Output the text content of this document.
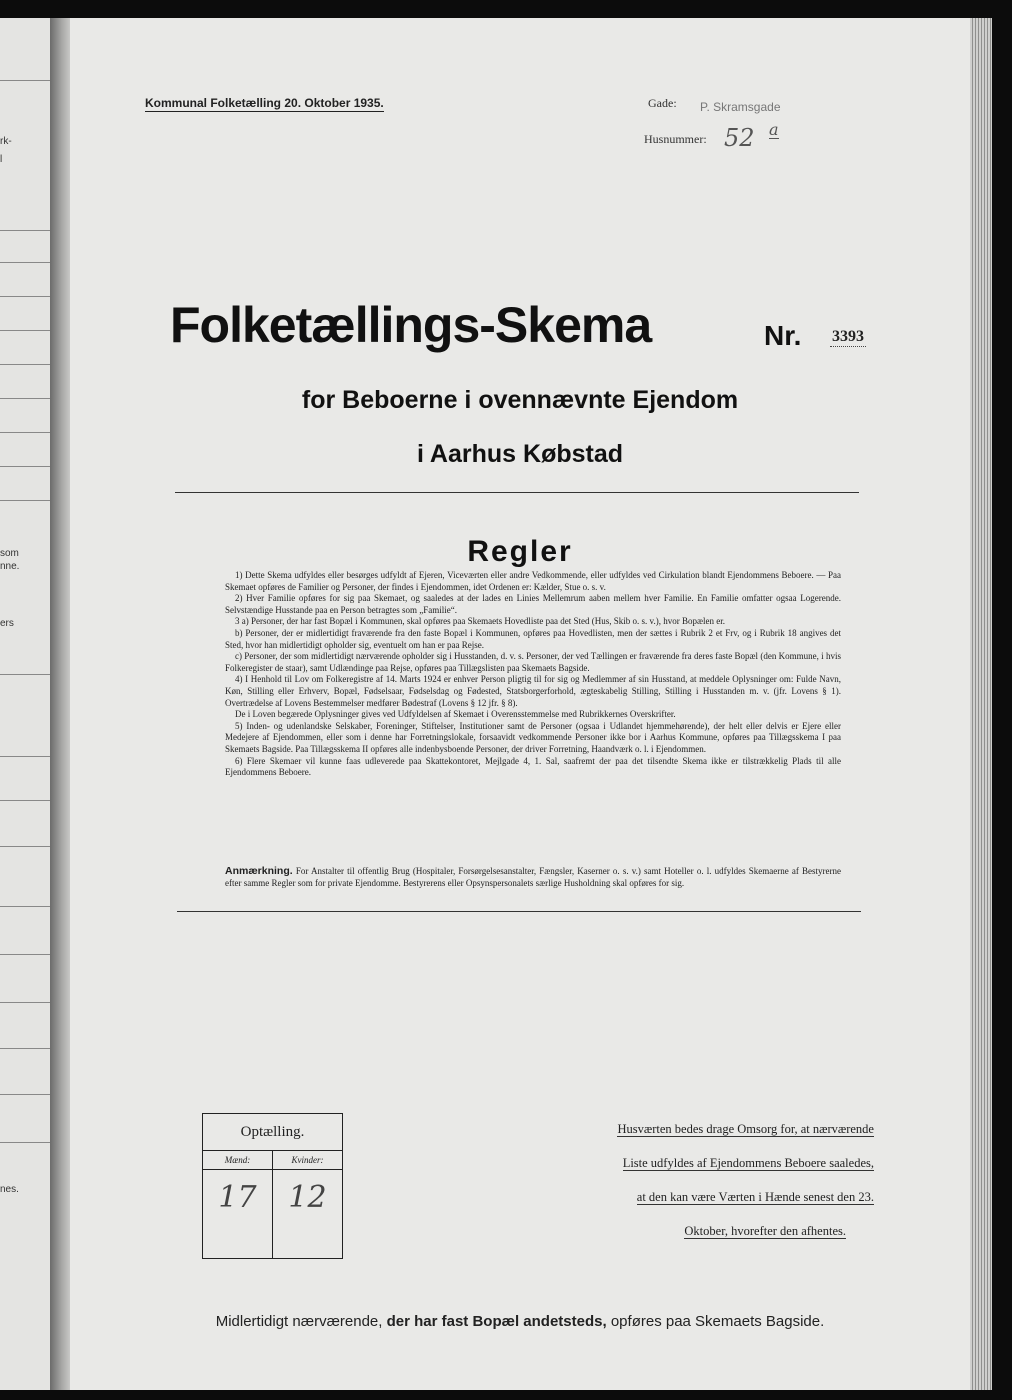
rk-
l
som
nne.
ers
nes.
Kommunal Folketælling 20. Oktober 1935.	Gade: P. Skramsgade
Husnummer: 52 a
Folketællings-Skema	Nr. 3393
for Beboerne i ovennævnte Ejendom
i Aarhus Købstad
Regler

1) Dette Skema udfyldes eller besørges udfyldt af Ejeren, Viceværten eller andre Vedkommende, eller udfyldes ved Cirkulation blandt Ejendommens Beboere. — Paa Skemaet opføres de Familier og Personer, der findes i Ejendommen, idet Ordenen er: Kælder, Stue o. s. v.

2) Hver Familie opføres for sig paa Skemaet, og saaledes at der lades en Linies Mellemrum aaben mellem hver Familie. En Familie omfatter ogsaa Logerende. Selvstændige Husstande paa en Person betragtes som „Familie“.

3 a) Personer, der har fast Bopæl i Kommunen, skal opføres paa Skemaets Hovedliste paa det Sted (Hus, Skib o. s. v.), hvor Bopælen er.

b) Personer, der er midlertidigt fraværende fra den faste Bopæl i Kommunen, opføres paa Hovedlisten, men der sættes i Rubrik 2 et Frv, og i Rubrik 18 angives det Sted, hvor han midlertidigt opholder sig, eventuelt om han er paa Rejse.

c) Personer, der som midlertidigt nærværende opholder sig i Husstanden, d. v. s. Personer, der ved Tællingen er fraværende fra deres faste Bopæl (den Kommune, i hvis Folkeregister de staar), samt Udlændinge paa Rejse, opføres paa Tillægslisten paa Skemaets Bagside.

4) I Henhold til Lov om Folkeregistre af 14. Marts 1924 er enhver Person pligtig til for sig og Medlemmer af sin Husstand, at meddele Oplysninger om: Fulde Navn, Køn, Stilling eller Erhverv, Bopæl, Fødselsaar, Fødselsdag og Fødested, Statsborgerforhold, ægteskabelig Stilling, Stilling i Husstanden m. v. (jfr. Lovens § 1). Overtrædelse af Lovens Bestemmelser medfører Bødestraf (Lovens § 12 jfr. § 8).

De i Loven begærede Oplysninger gives ved Udfyldelsen af Skemaet i Overensstemmelse med Rubrikkernes Overskrifter.

5) Inden- og udenlandske Selskaber, Foreninger, Stiftelser, Institutioner samt de Personer (ogsaa i Udlandet hjemmehørende), der helt eller delvis er Ejere eller Medejere af Ejendommen, eller som i denne har Forretningslokale, forsaavidt vedkommende Personer ikke bor i Aarhus Kommune, opføres paa Tillægsskema I paa Skemaets Bagside. Paa Tillægsskema II opføres alle indenbysboende Personer, der driver Forretning, Haandværk o. l. i Ejendommen.

6) Flere Skemaer vil kunne faas udleverede paa Skattekontoret, Mejlgade 4, 1. Sal, saafremt der paa det tilsendte Skema ikke er tilstrækkelig Plads til alle Ejendommens Beboere.

Anmærkning. For Anstalter til offentlig Brug (Hospitaler, Forsørgelsesanstalter, Fængsler, Kaserner o. s. v.) samt Hoteller o. l. udfyldes Skemaerne af Bestyrerne efter samme Regler som for private Ejendomme. Bestyrerens eller Opsynspersonalets særlige Husholdning skal opføres for sig.
Optælling.
Mænd:
17
Kvinder:
12
Husværten bedes drage Omsorg for, at nærværende
Liste udfyldes af Ejendommens Beboere saaledes,
at den kan være Værten i Hænde senest den 23.
Oktober, hvorefter den afhentes.
Midlertidigt nærværende, der har fast Bopæl andetsteds, opføres paa Skemaets Bagside.
